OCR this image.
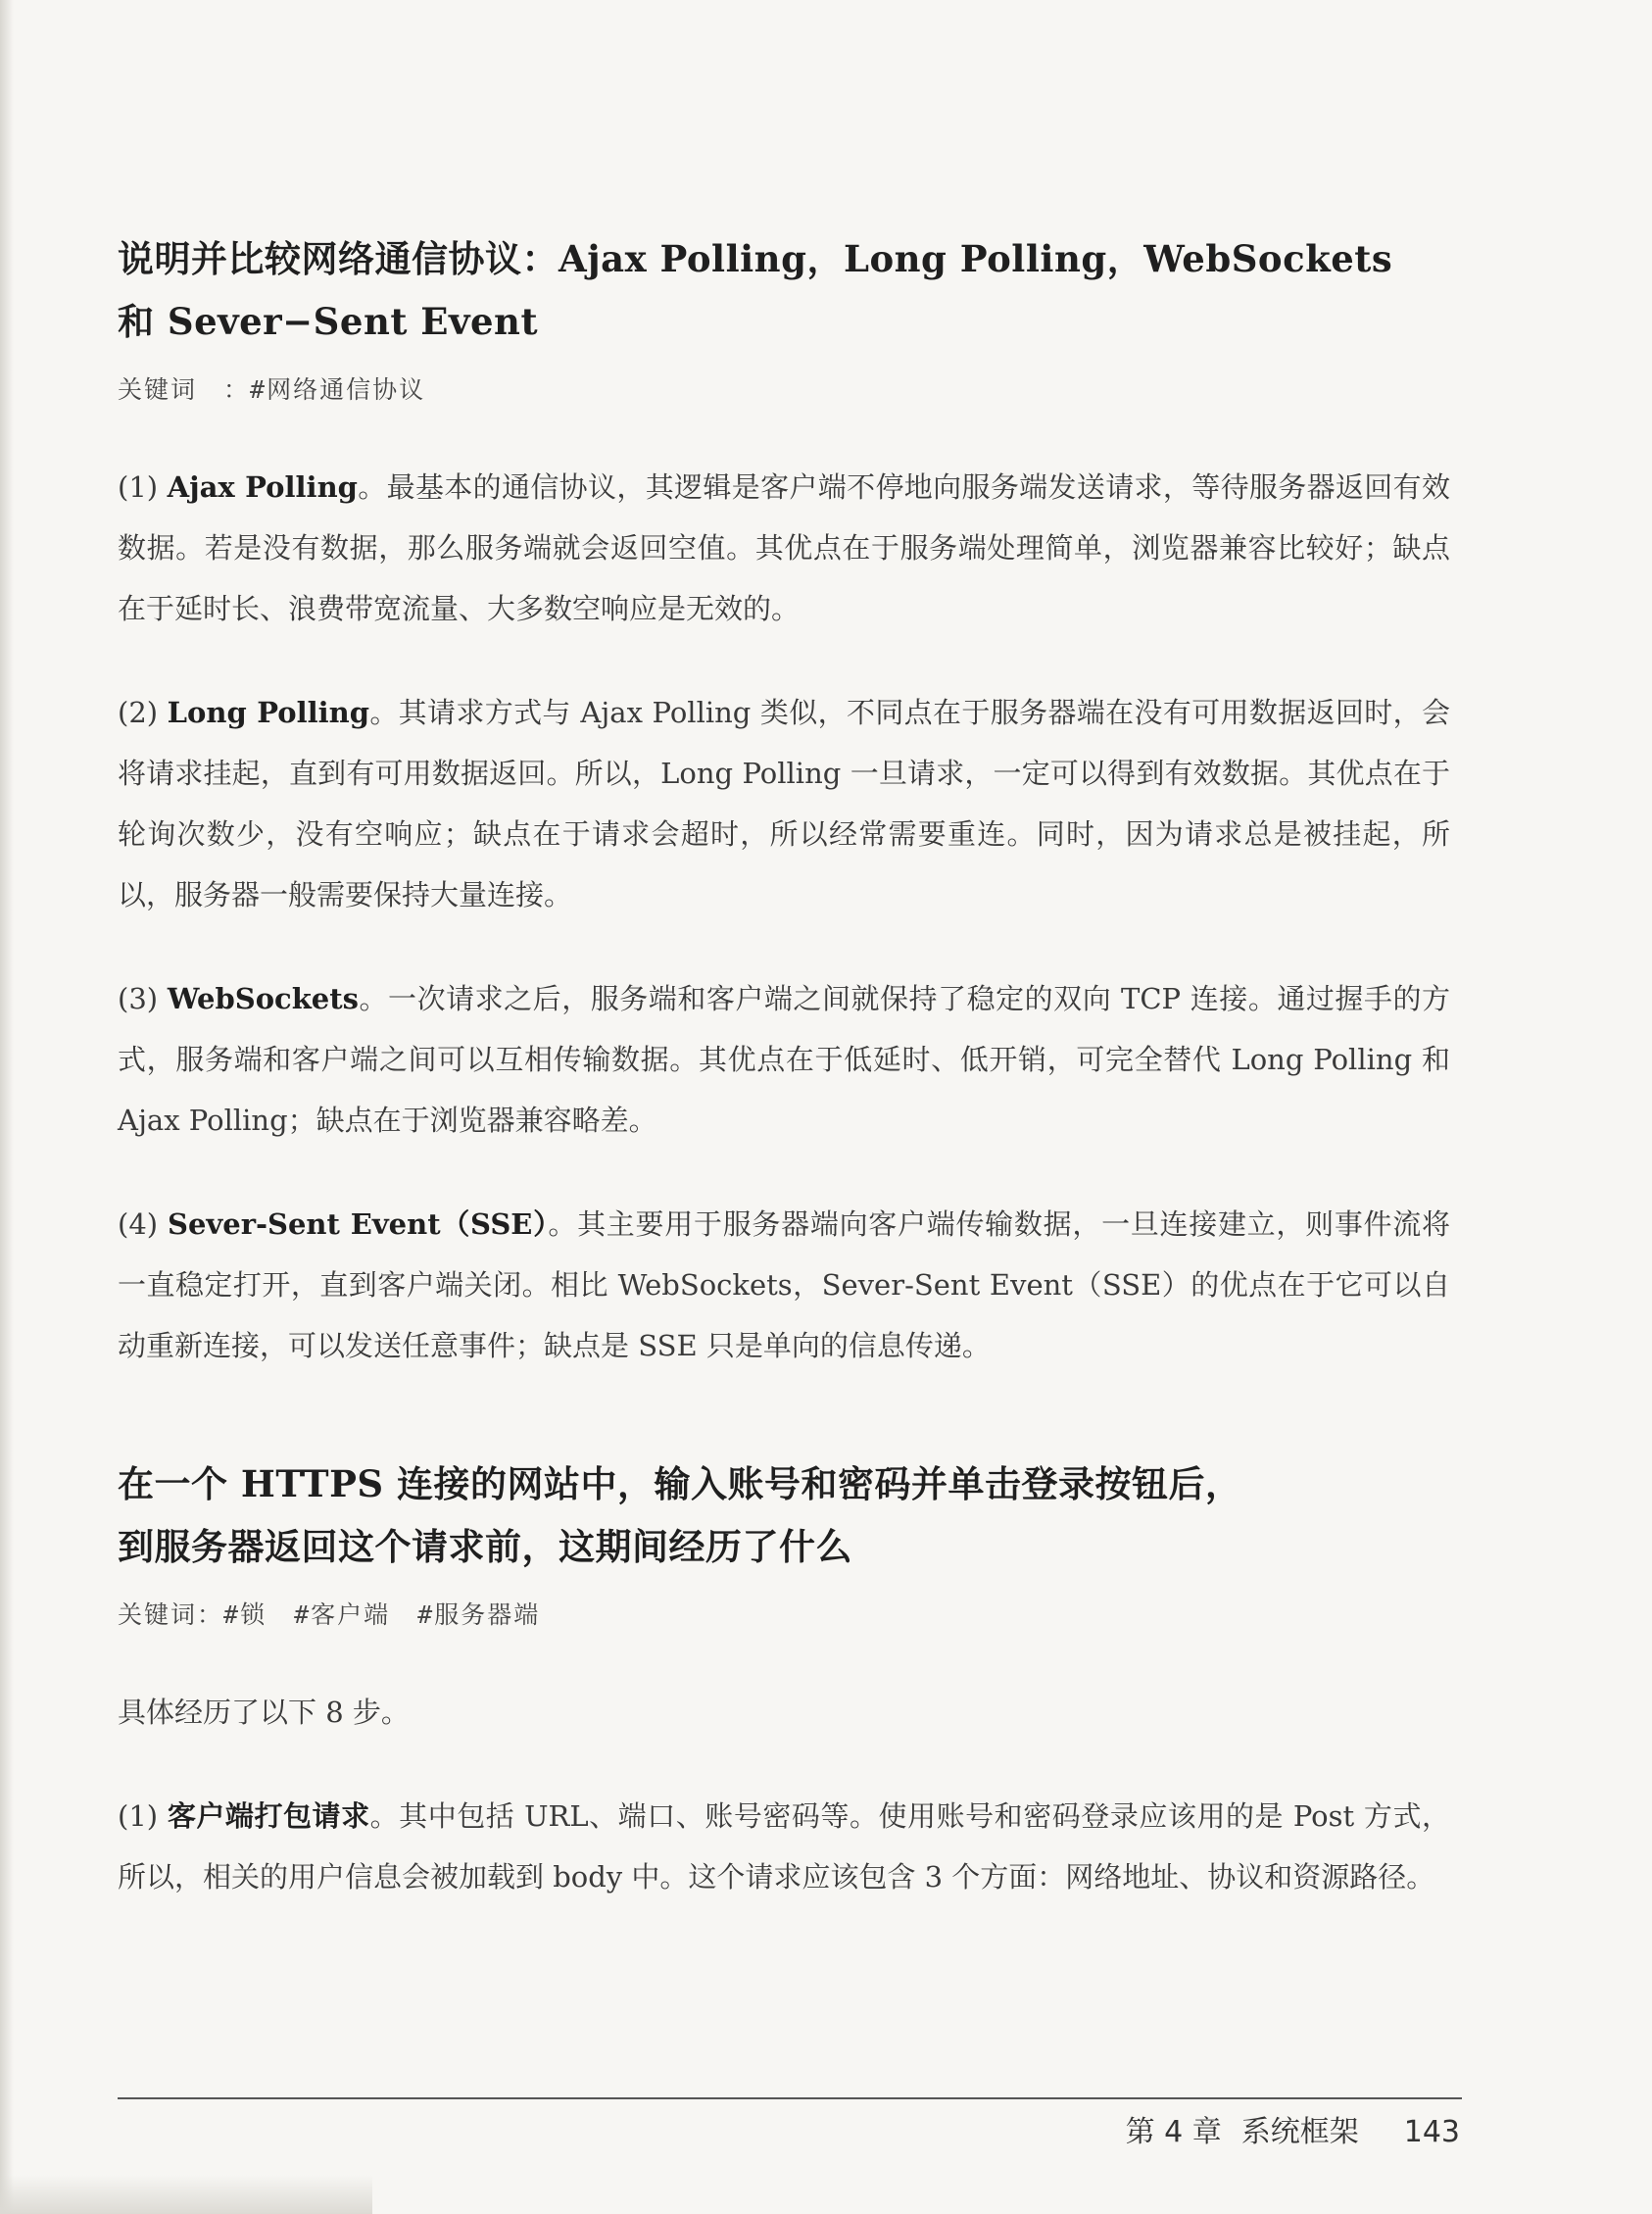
说明并比较网络通信协议：Ajax Polling，Long Polling，WebSockets
和 Sever−Sent Event
关键词　：#网络通信协议

(1) Ajax Polling。最基本的通信协议，其逻辑是客户端不停地向服务端发送请求，等待服务器返回有效数据。若是没有数据，那么服务端就会返回空值。其优点在于服务端处理简单，浏览器兼容比较好；缺点在于延时长、浪费带宽流量、大多数空响应是无效的。

(2) Long Polling。其请求方式与 Ajax Polling 类似，不同点在于服务器端在没有可用数据返回时，会将请求挂起，直到有可用数据返回。所以，Long Polling 一旦请求，一定可以得到有效数据。其优点在于轮询次数少，没有空响应；缺点在于请求会超时，所以经常需要重连。同时，因为请求总是被挂起，所以，服务器一般需要保持大量连接。

(3) WebSockets。一次请求之后，服务端和客户端之间就保持了稳定的双向 TCP 连接。通过握手的方式，服务端和客户端之间可以互相传输数据。其优点在于低延时、低开销，可完全替代 Long Polling 和 Ajax Polling；缺点在于浏览器兼容略差。

(4) Sever-Sent Event（SSE）。其主要用于服务器端向客户端传输数据，一旦连接建立，则事件流将一直稳定打开，直到客户端关闭。相比 WebSockets，Sever-Sent Event（SSE）的优点在于它可以自动重新连接，可以发送任意事件；缺点是 SSE 只是单向的信息传递。

在一个 HTTPS 连接的网站中，输入账号和密码并单击登录按钮后，
到服务器返回这个请求前，这期间经历了什么
关键词：#锁 #客户端 #服务器端

具体经历了以下 8 步。

(1) 客户端打包请求。其中包括 URL、端口、账号密码等。使用账号和密码登录应该用的是 Post 方式，所以，相关的用户信息会被加载到 body 中。这个请求应该包含 3 个方面：网络地址、协议和资源路径。

第 4 章 系统框架 143
